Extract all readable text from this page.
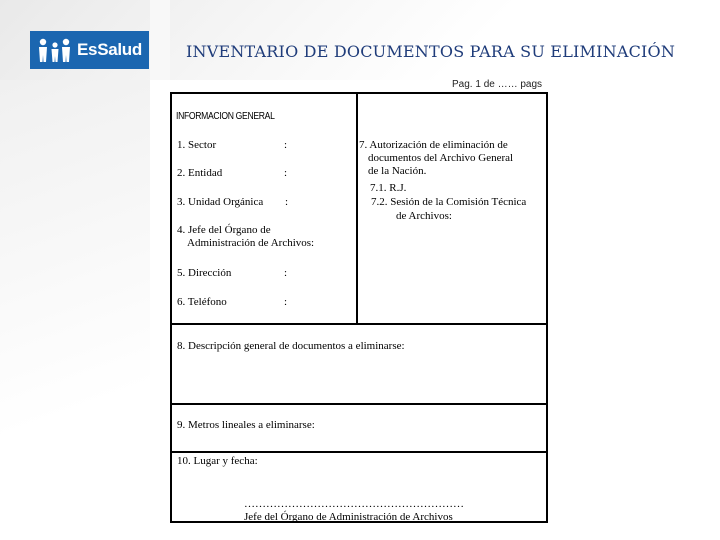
EsSalud	INVENTARIO DE DOCUMENTOS PARA SU ELIMINACIÓN
Pag. 1 de …… pags
INFORMACION GENERAL
1. Sector	:
2. Entidad	:
3. Unidad Orgánica :
4. Jefe del Órgano de
Administración de Archivos:
5. Dirección	:
6. Teléfono	:
7. Autorización de eliminación de
documentos del Archivo General
de la Nación.
7.1. R.J.
7.2. Sesión de la Comisión Técnica
de Archivos:
8. Descripción general de documentos a eliminarse:
9. Metros lineales a eliminarse:
10. Lugar y fecha:
……………………………………………………
Jefe del Órgano de Administración de Archivos
